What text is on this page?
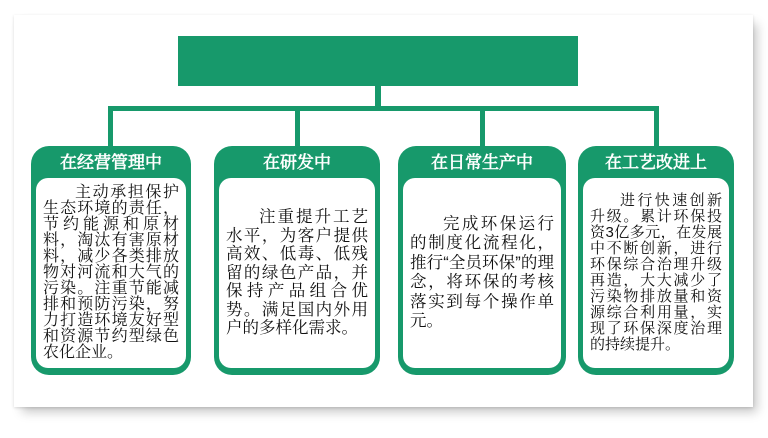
在经营管理中

主动承担保护生态环境的责任，节约能源和原材料，淘汰有害原材料，减少各类排放物对河流和大气的污染。注重节能减排和预防污染，努力打造环境友好型和资源节约型绿色农化企业。

在研发中

注重提升工艺水平，为客户提供高效、低毒、低残留的绿色产品，并保持产品组合优势。满足国内外用户的多样化需求。

在日常生产中

完成环保运行的制度化流程化，推行“全员环保”的理念，将环保的考核落实到每个操作单元。

在工艺改进上

进行快速创新升级。累计环保投资3亿多元，在发展中不断创新，进行环保综合治理升级再造，大大减少了污染物排放量和资源综合利用量，实现了环保深度治理的持续提升。
